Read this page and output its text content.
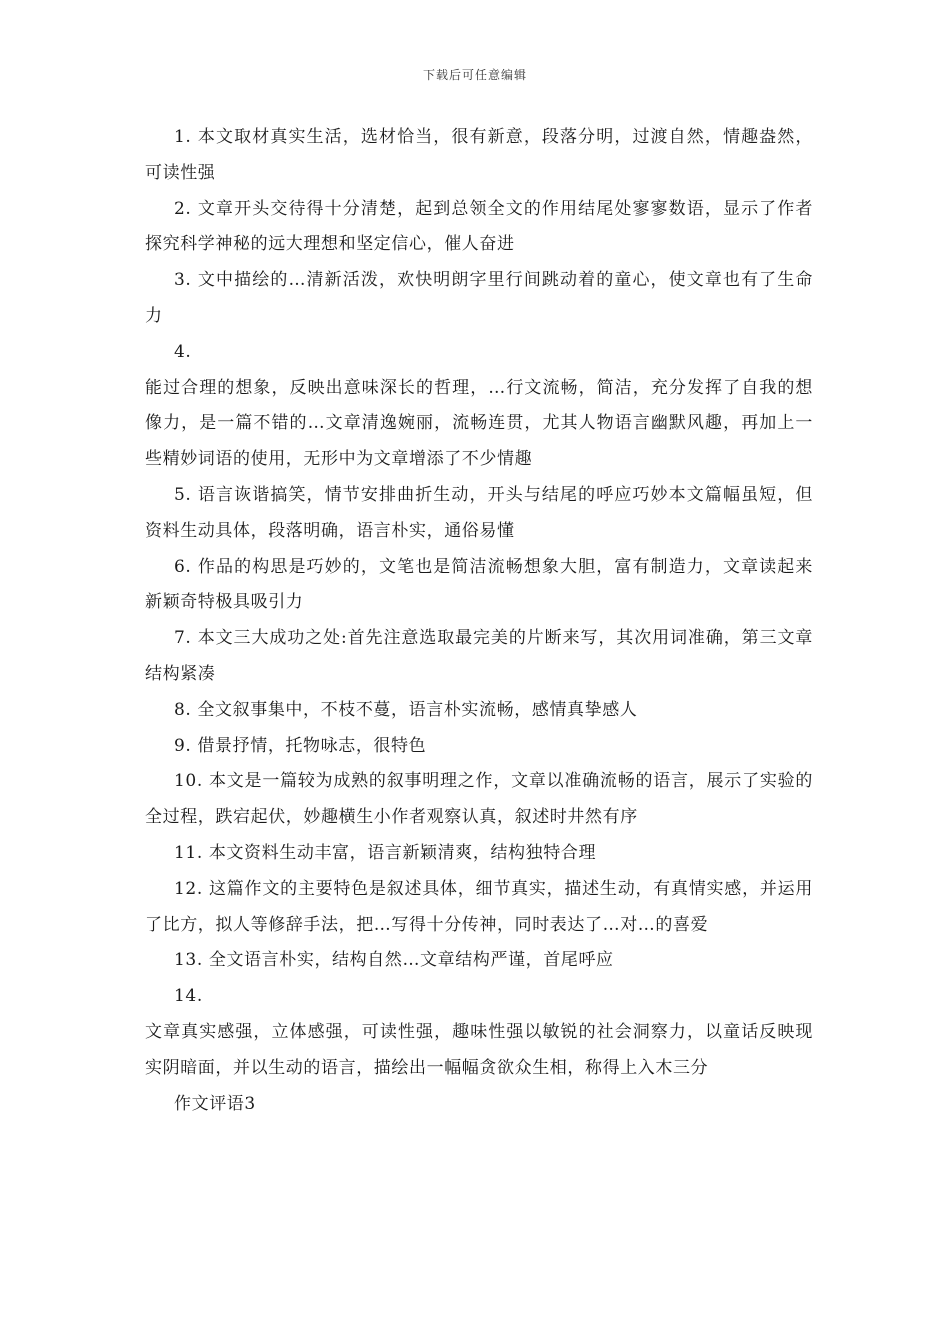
下载后可任意编辑

1. 本文取材真实生活，选材恰当，很有新意，段落分明，过渡自然，情趣盎然，可读性强

2. 文章开头交待得十分清楚，起到总领全文的作用结尾处寥寥数语，显示了作者探究科学神秘的远大理想和坚定信心，催人奋进

3. 文中描绘的…清新活泼，欢快明朗字里行间跳动着的童心，使文章也有了生命力

4.

能过合理的想象，反映出意味深长的哲理，…行文流畅，简洁，充分发挥了自我的想像力，是一篇不错的…文章清逸婉丽，流畅连贯，尤其人物语言幽默风趣，再加上一些精妙词语的使用，无形中为文章增添了不少情趣

5. 语言诙谐搞笑，情节安排曲折生动，开头与结尾的呼应巧妙本文篇幅虽短，但资料生动具体，段落明确，语言朴实，通俗易懂

6. 作品的构思是巧妙的，文笔也是简洁流畅想象大胆，富有制造力，文章读起来新颖奇特极具吸引力

7. 本文三大成功之处:首先注意选取最完美的片断来写，其次用词准确，第三文章结构紧凑

8. 全文叙事集中，不枝不蔓，语言朴实流畅，感情真挚感人

9. 借景抒情，托物咏志，很特色

10. 本文是一篇较为成熟的叙事明理之作，文章以准确流畅的语言，展示了实验的全过程，跌宕起伏，妙趣横生小作者观察认真，叙述时井然有序

11. 本文资料生动丰富，语言新颖清爽，结构独特合理

12. 这篇作文的主要特色是叙述具体，细节真实，描述生动，有真情实感，并运用了比方，拟人等修辞手法，把…写得十分传神，同时表达了…对…的喜爱

13. 全文语言朴实，结构自然…文章结构严谨，首尾呼应

14.

文章真实感强，立体感强，可读性强，趣味性强以敏锐的社会洞察力，以童话反映现实阴暗面，并以生动的语言，描绘出一幅幅贪欲众生相，称得上入木三分

作文评语3
